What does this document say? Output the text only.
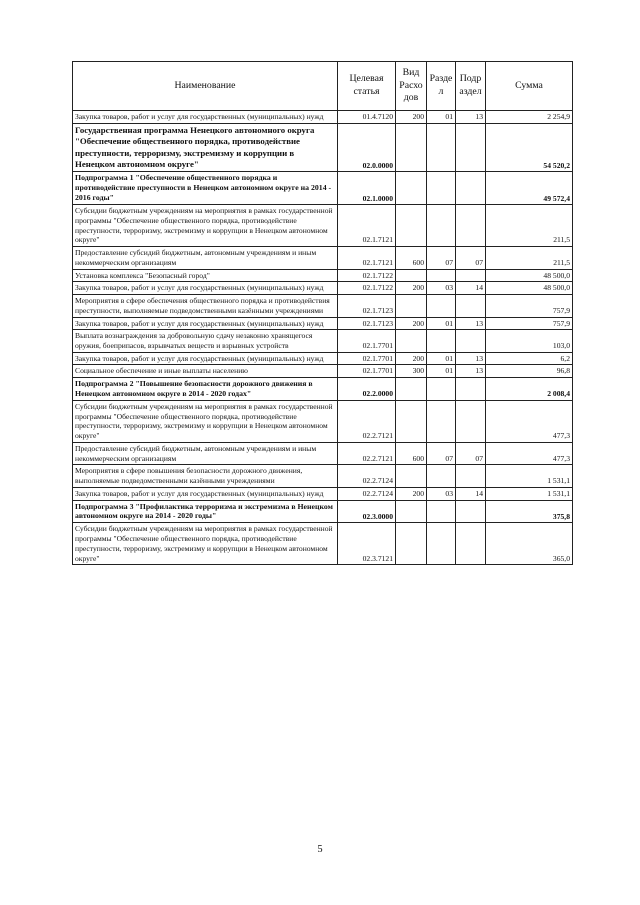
Наименование	Целевая статья	Вид Расхо дов	Разде л	Подр аздел	Сумма
Закупка товаров, работ и услуг для государственных (муниципальных) нужд	01.4.7120	200	01	13	2 254,9
Государственная программа Ненецкого автономного округа "Обеспечение общественного порядка, противодействие преступности, терроризму, экстремизму и коррупции в Ненецком автономном округе"	02.0.0000				54 520,2
Подпрограмма 1 "Обеспечение общественного порядка и противодействие преступности в Ненецком автономном округе на 2014 - 2016 годы"	02.1.0000				49 572,4
Субсидии бюджетным учреждениям на мероприятия в рамках государственной программы "Обеспечение общественного порядка, противодействие преступности, терроризму, экстремизму и коррупции в Ненецком автономном округе"	02.1.7121				211,5
Предоставление субсидий бюджетным, автономным учреждениям и иным некоммерческим организациям	02.1.7121	600	07	07	211,5
Установка комплекса "Безопасный город"	02.1.7122				48 500,0
Закупка товаров, работ и услуг для государственных (муниципальных) нужд	02.1.7122	200	03	14	48 500,0
Мероприятия в сфере обеспечения общественного порядка и противодействия преступности, выполняемые подведомственными казёнными учреждениями	02.1.7123				757,9
Закупка товаров, работ и услуг для государственных (муниципальных) нужд	02.1.7123	200	01	13	757,9
Выплата вознаграждения за добровольную сдачу незаконно хранящегося оружия, боеприпасов, взрывчатых веществ и взрывных устройств	02.1.7701				103,0
Закупка товаров, работ и услуг для государственных (муниципальных) нужд	02.1.7701	200	01	13	6,2
Социальное обеспечение и иные выплаты населению	02.1.7701	300	01	13	96,8
Подпрограмма 2 "Повышение безопасности дорожного движения в Ненецком автономном округе в 2014 - 2020 годах"	02.2.0000				2 008,4
Субсидии бюджетным учреждениям на мероприятия в рамках государственной программы "Обеспечение общественного порядка, противодействие преступности, терроризму, экстремизму и коррупции в Ненецком автономном округе"	02.2.7121				477,3
Предоставление субсидий бюджетным, автономным учреждениям и иным некоммерческим организациям	02.2.7121	600	07	07	477,3
Мероприятия в сфере повышения безопасности дорожного движения, выполняемые подведомственными казёнными учреждениями	02.2.7124				1 531,1
Закупка товаров, работ и услуг для государственных (муниципальных) нужд	02.2.7124	200	03	14	1 531,1
Подпрограмма 3 "Профилактика терроризма и экстремизма в Ненецком автономном округе на 2014 - 2020 годы"	02.3.0000				375,8
Субсидии бюджетным учреждениям на мероприятия в рамках государственной программы "Обеспечение общественного порядка, противодействие преступности, терроризму, экстремизму и коррупции в Ненецком автономном округе"	02.3.7121				365,0
5
